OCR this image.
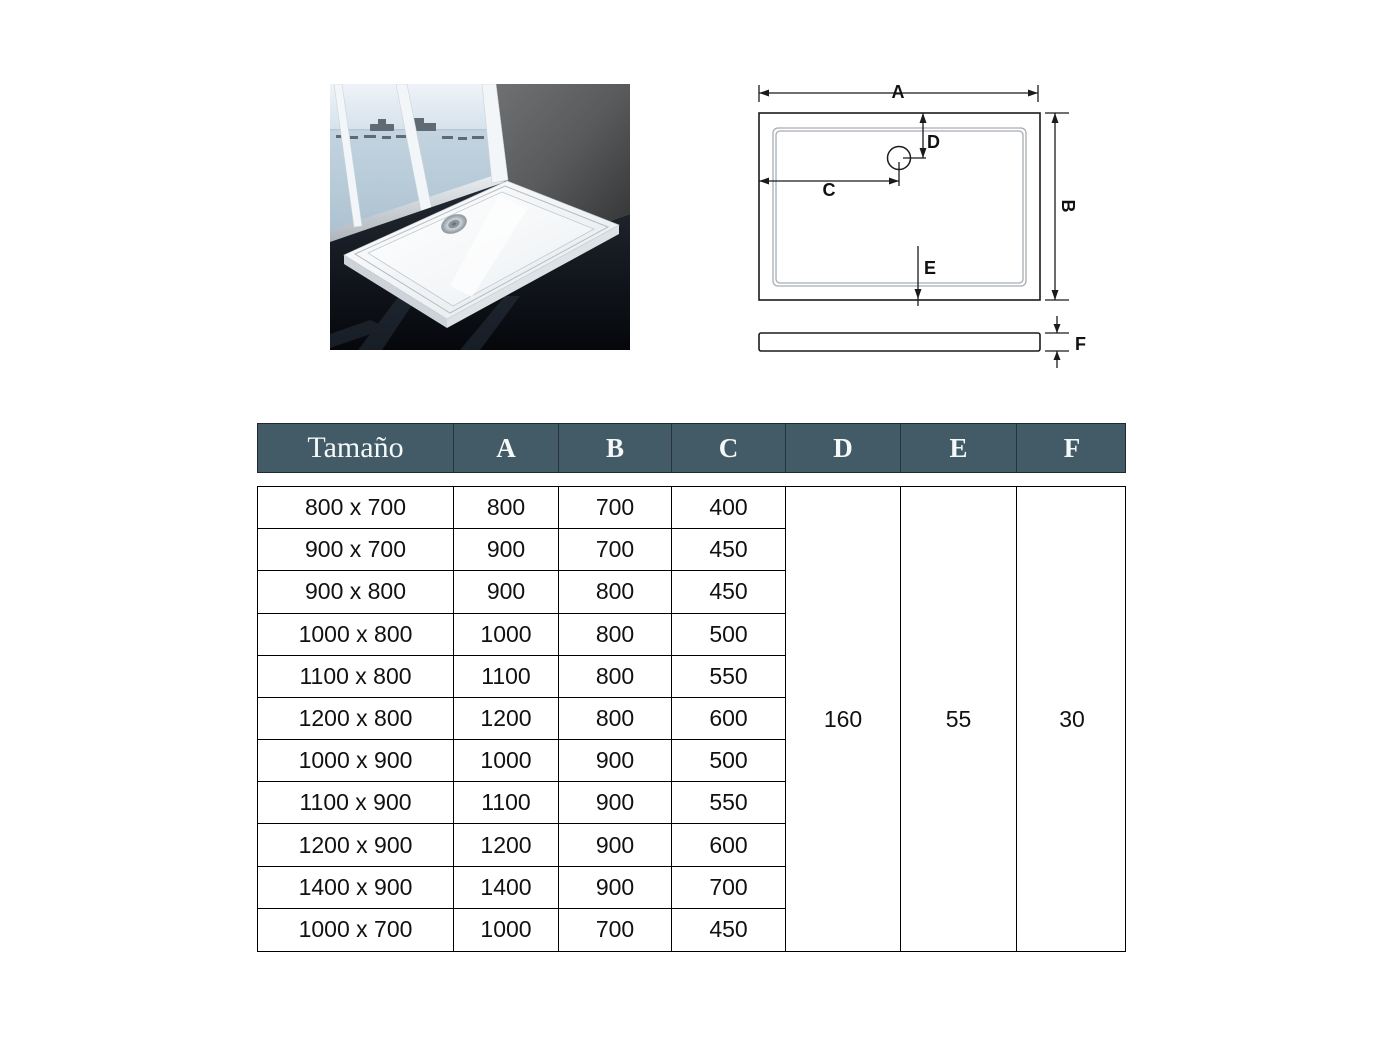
A
B
C
D
E
F
Tamaño	A	B	C	D	E	F
160	55	30
800 x 700	800	700	400
900 x 700	900	700	450
900 x 800	900	800	450
1000 x 800	1000	800	500
1100 x 800	1100	800	550
1200 x 800	1200	800	600
1000 x 900	1000	900	500
1100 x 900	1100	900	550
1200 x 900	1200	900	600
1400 x 900	1400	900	700
1000 x 700	1000	700	450
